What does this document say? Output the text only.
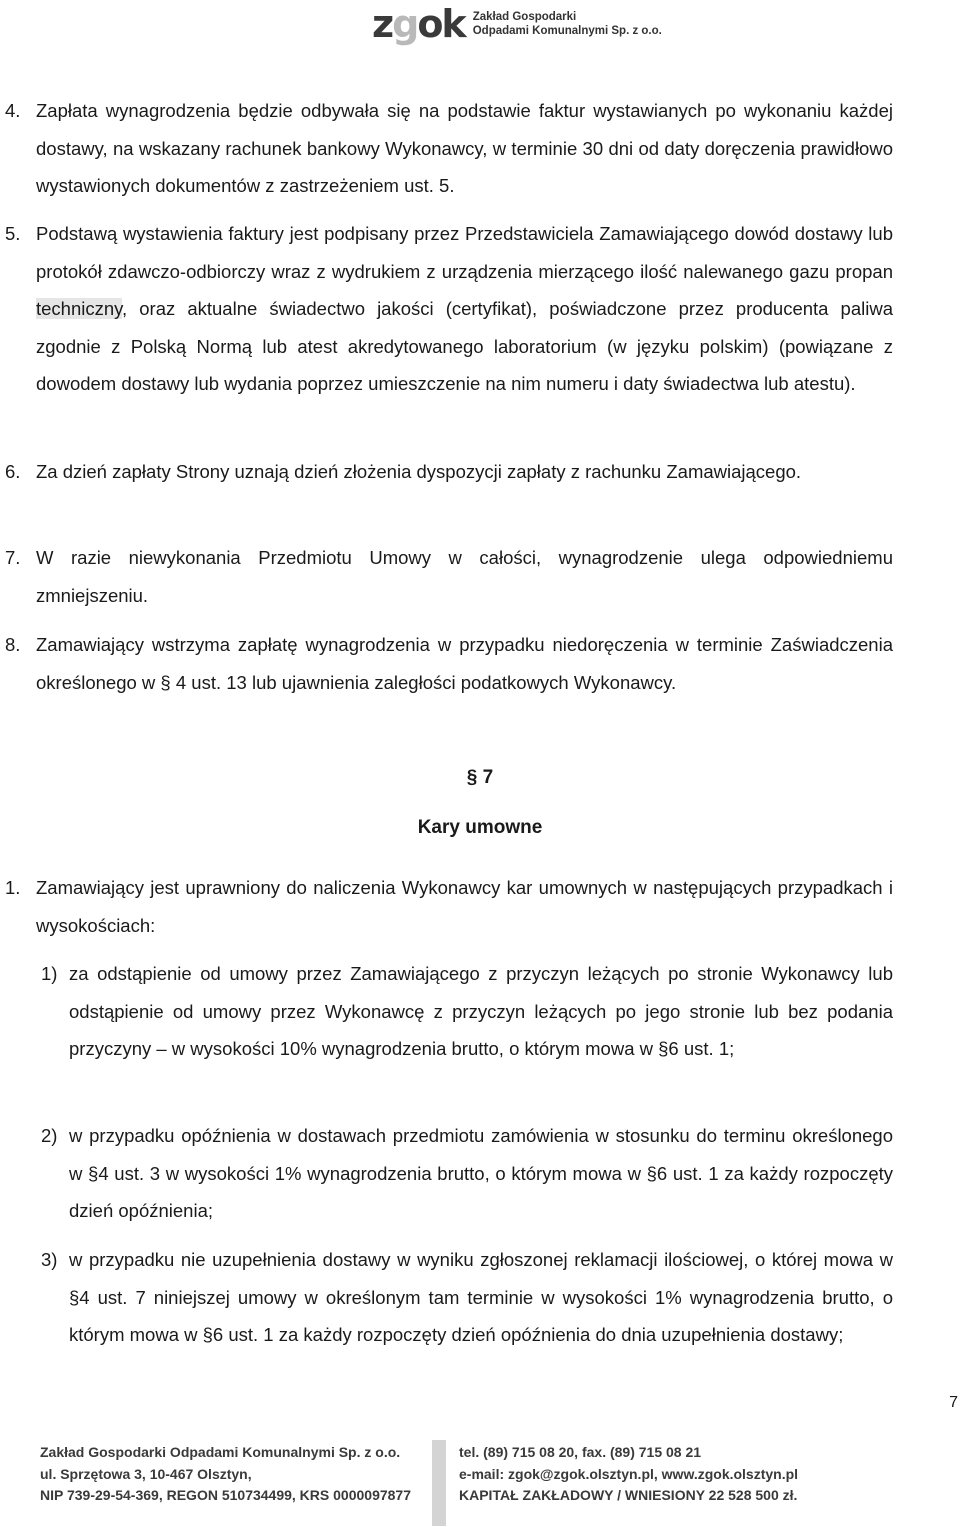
zgok Zakład Gospodarki
Odpadami Komunalnymi Sp. z o.o.
4. Zapłata wynagrodzenia będzie odbywała się na podstawie faktur wystawianych po wykonaniu każdej dostawy, na wskazany rachunek bankowy Wykonawcy, w terminie 30 dni od daty doręczenia prawidłowo wystawionych dokumentów z zastrzeżeniem ust. 5.
5. Podstawą wystawienia faktury jest podpisany przez Przedstawiciela Zamawiającego dowód dostawy lub protokół zdawczo-odbiorczy wraz z wydrukiem z urządzenia mierzącego ilość nalewanego gazu propan techniczny, oraz aktualne świadectwo jakości (certyfikat), poświadczone przez producenta paliwa zgodnie z Polską Normą lub atest akredytowanego laboratorium (w języku polskim) (powiązane z dowodem dostawy lub wydania poprzez umieszczenie na nim numeru i daty świadectwa lub atestu).
6. Za dzień zapłaty Strony uznają dzień złożenia dyspozycji zapłaty z rachunku Zamawiającego.
7. W razie niewykonania Przedmiotu Umowy w całości, wynagrodzenie ulega odpowiedniemu zmniejszeniu.
8. Zamawiający wstrzyma zapłatę wynagrodzenia w przypadku niedoręczenia w terminie Zaświadczenia określonego w § 4 ust. 13 lub ujawnienia zaległości podatkowych Wykonawcy.
§ 7
Kary umowne
1. Zamawiający jest uprawniony do naliczenia Wykonawcy kar umownych w następujących przypadkach i wysokościach:
1) za odstąpienie od umowy przez Zamawiającego z przyczyn leżących po stronie Wykonawcy lub odstąpienie od umowy przez Wykonawcę z przyczyn leżących po jego stronie lub bez podania przyczyny – w wysokości 10% wynagrodzenia brutto, o którym mowa w §6 ust. 1;
2) w przypadku opóźnienia w dostawach przedmiotu zamówienia w stosunku do terminu określonego w §4 ust. 3 w wysokości 1% wynagrodzenia brutto, o którym mowa w §6 ust. 1 za każdy rozpoczęty dzień opóźnienia;
3) w przypadku nie uzupełnienia dostawy w wyniku zgłoszonej reklamacji ilościowej, o której mowa w §4 ust. 7 niniejszej umowy w określonym tam terminie w wysokości 1% wynagrodzenia brutto, o którym mowa w §6 ust. 1 za każdy rozpoczęty dzień opóźnienia do dnia uzupełnienia dostawy;
7
Zakład Gospodarki Odpadami Komunalnymi Sp. z o.o.
ul. Sprzętowa 3, 10-467 Olsztyn,
NIP 739-29-54-369, REGON 510734499, KRS 0000097877
tel. (89) 715 08 20, fax. (89) 715 08 21
e-mail: zgok@zgok.olsztyn.pl, www.zgok.olsztyn.pl
KAPITAŁ ZAKŁADOWY / WNIESIONY 22 528 500 zł.
